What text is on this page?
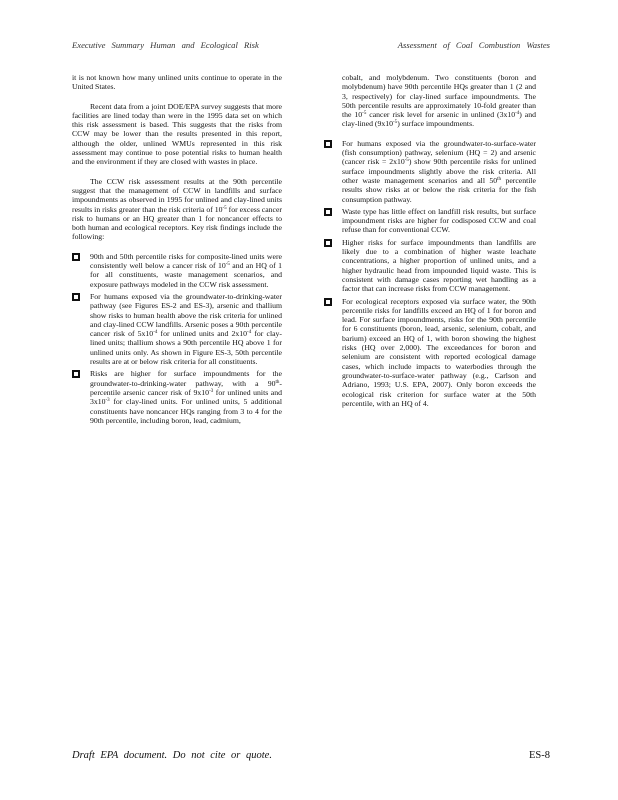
Executive Summary Human and Ecological Risk	Assessment of Coal Combustion Wastes

it is not known how many unlined units continue to operate in the United States.

Recent data from a joint DOE/EPA survey suggests that more facilities are lined today than were in the 1995 data set on which this risk assessment is based. This suggests that the risks from CCW may be lower than the results presented in this report, although the older, unlined WMUs represented in this risk assessment may continue to pose potential risks to human health and the environment if they are closed with wastes in place.

The CCW risk assessment results at the 90th percentile suggest that the management of CCW in landfills and surface impoundments as observed in 1995 for unlined and clay-lined units results in risks greater than the risk criteria of $10^{-5}$ for excess cancer risk to humans or an HQ greater than 1 for noncancer effects to both human and ecological receptors. Key risk findings include the following:

90th and 50th percentile risks for composite-lined units were consistently well below a cancer risk of $10^{-5}$ and an HQ of 1 for all constituents, waste management scenarios, and exposure pathways modeled in the CCW risk assessment.
For humans exposed via the groundwater-to-drinking-water pathway (see Figures ES-2 and ES-3), arsenic and thallium show risks to human health above the risk criteria for unlined and clay-lined CCW landfills. Arsenic poses a 90th percentile cancer risk of $5x10^{-4}$ for unlined units and $2x10^{-4}$ for clay-lined units; thallium shows a 90th percentile HQ above 1 for unlined units only. As shown in Figure ES-3, 50th percentile results are at or below risk criteria for all constituents.
Risks are higher for surface impoundments for the groundwater-to-drinking-water pathway, with a 90th-percentile arsenic cancer risk of $9x10^{-3}$ for unlined units and $3x10^{-3}$ for clay-lined units. For unlined units, 5 additional constituents have noncancer HQs ranging from 3 to 4 for the 90th percentile, including boron, lead, cadmium,

cobalt, and molybdenum. Two constituents (boron and molybdenum) have 90th percentile HQs greater than 1 (2 and 3, respectively) for clay-lined surface impoundments. The 50th percentile results are approximately 10-fold greater than the $10^{-5}$ cancer risk level for arsenic in unlined $(3x10^{-4})$ and clay-lined $(9x10^{-5})$ surface impoundments.

For humans exposed via the groundwater-to-surface-water (fish consumption) pathway, selenium (HQ = 2) and arsenic (cancer risk = $2x10^{-5}$) show 90th percentile risks for unlined surface impoundments slightly above the risk criteria. All other waste management scenarios and all 50th percentile results show risks at or below the risk criteria for the fish consumption pathway.
Waste type has little effect on landfill risk results, but surface impoundment risks are higher for codisposed CCW and coal refuse than for conventional CCW.
Higher risks for surface impoundments than landfills are likely due to a combination of higher waste leachate concentrations, a higher proportion of unlined units, and a higher hydraulic head from impounded liquid waste. This is consistent with damage cases reporting wet handling as a factor that can increase risks from CCW management.
For ecological receptors exposed via surface water, the 90th percentile risks for landfills exceed an HQ of 1 for boron and lead. For surface impoundments, risks for the 90th percentile for 6 constituents (boron, lead, arsenic, selenium, cobalt, and barium) exceed an HQ of 1, with boron showing the highest risks (HQ over 2,000). The exceedances for boron and selenium are consistent with reported ecological damage cases, which include impacts to waterbodies through the groundwater-to-surface-water pathway (e.g., Carlson and Adriano, 1993; U.S. EPA, 2007). Only boron exceeds the ecological risk criterion for surface water at the 50th percentile, with an HQ of 4.
Draft EPA document. Do not cite or quote.	ES-8
